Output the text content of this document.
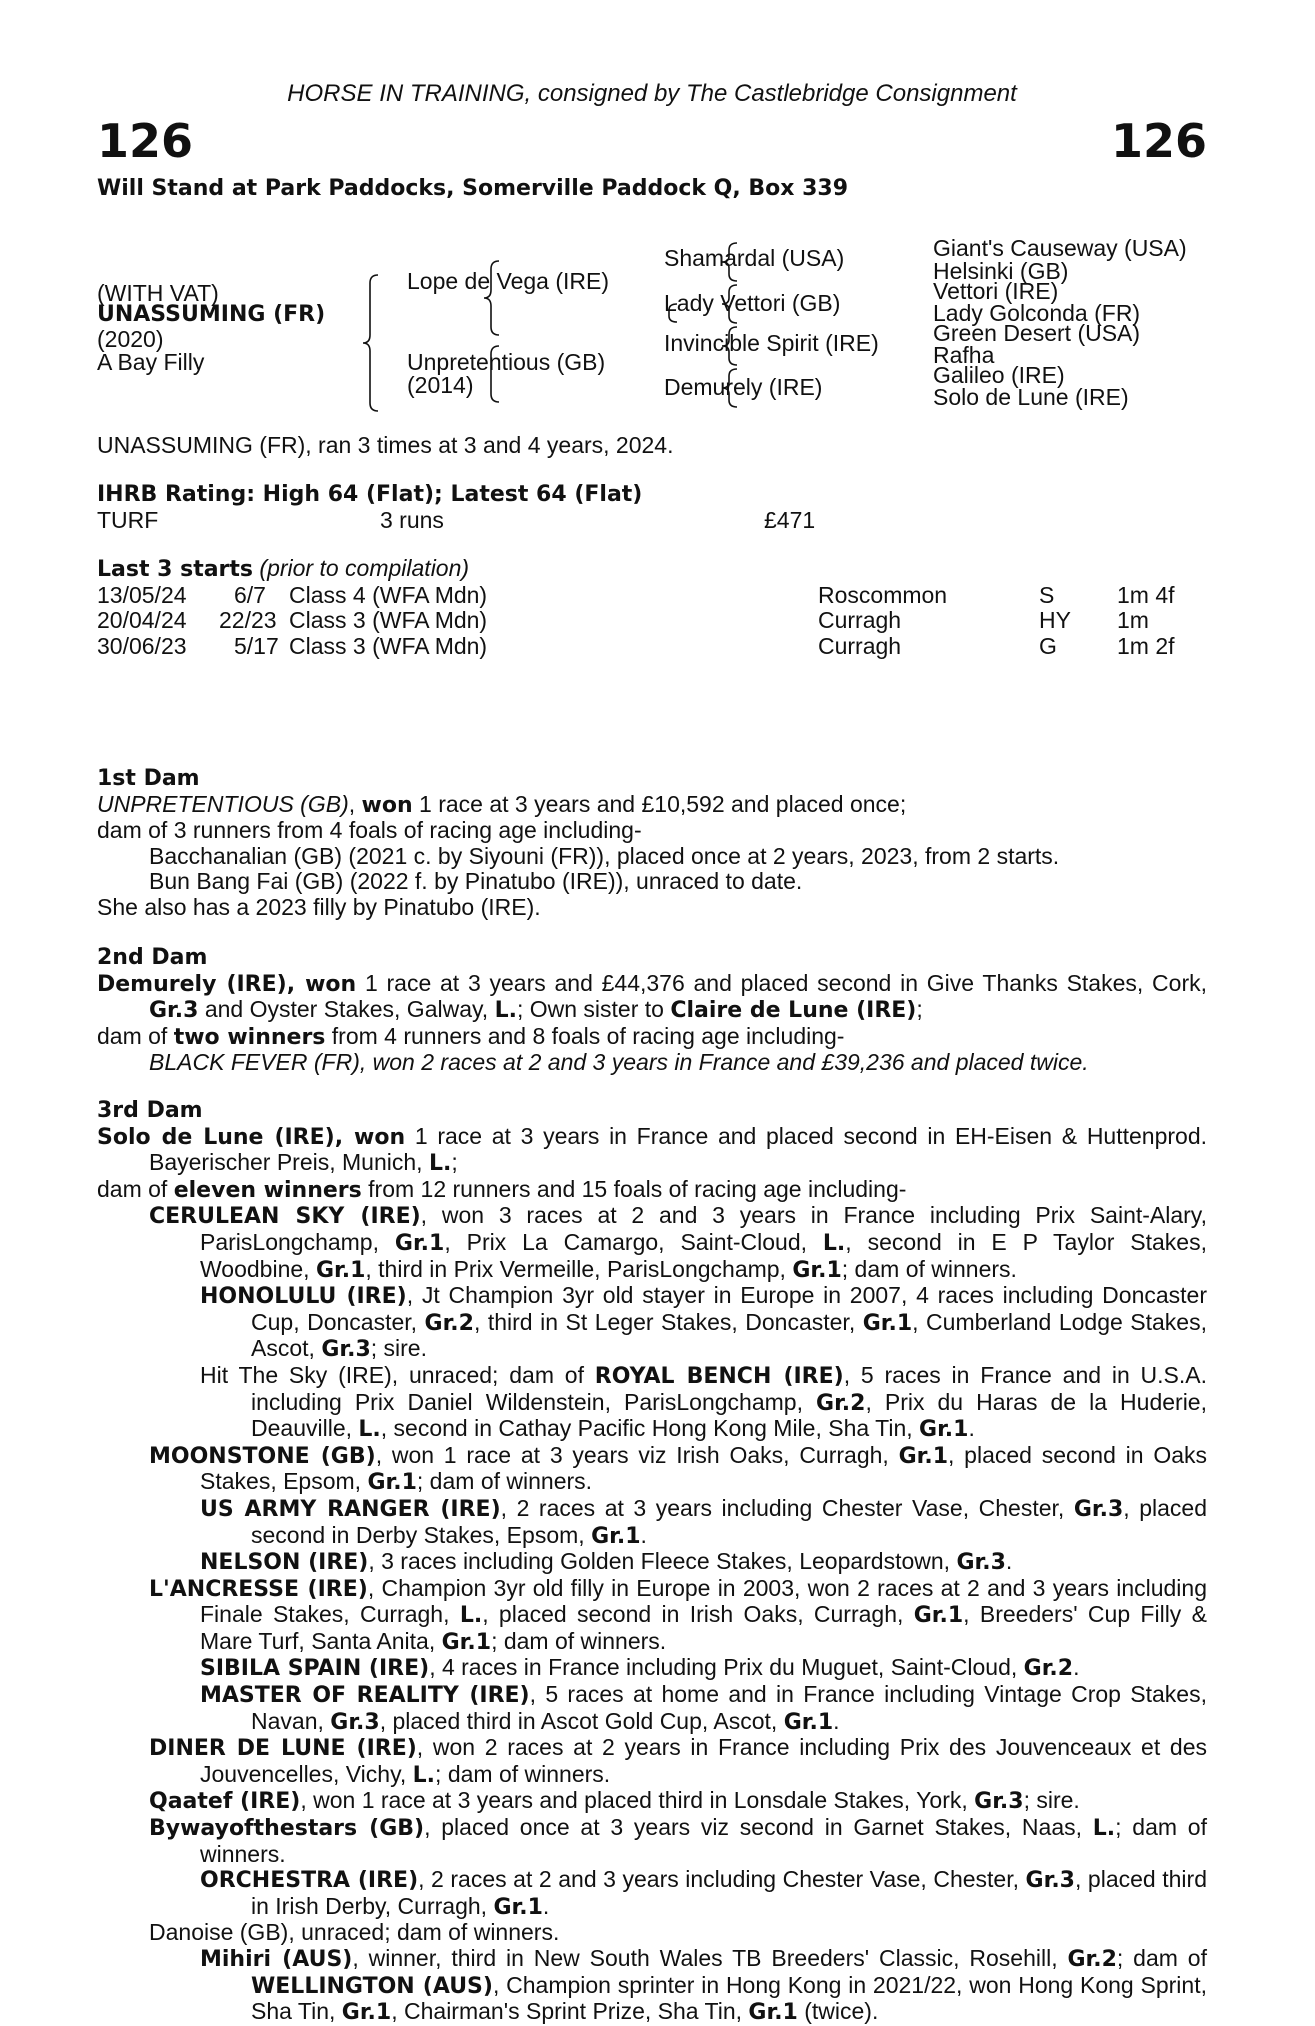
HORSE IN TRAINING, consigned by The Castlebridge Consignment
126	126
Will Stand at Park Paddocks, Somerville Paddock Q, Box 339
(WITH VAT)
UNASSUMING (FR)
(2020)
A Bay Filly
Lope de Vega (IRE)
Unpretentious (GB)
(2014)
Shamardal (USA)
Lady Vettori (GB)
Invincible Spirit (IRE)
Demurely (IRE)
Giant's Causeway (USA)
Helsinki (GB)
Vettori (IRE)
Lady Golconda (FR)
Green Desert (USA)
Rafha
Galileo (IRE)
Solo de Lune (IRE)
UNASSUMING (FR), ran 3 times at 3 and 4 years, 2024.
IHRB Rating: High 64 (Flat); Latest 64 (Flat)
TURF	3 runs	£471
Last 3 starts (prior to compilation)
13/05/24 6/7 Class 4 (WFA Mdn)	Roscommon	S	1m 4f
20/04/24 22/23 Class 3 (WFA Mdn)	Curragh	HY 1m
30/06/23 5/17 Class 3 (WFA Mdn)	Curragh	G	1m 2f
1st Dam
UNPRETENTIOUS (GB), won 1 race at 3 years and £10,592 and placed once;
dam of 3 runners from 4 foals of racing age including-
Bacchanalian (GB) (2021 c. by Siyouni (FR)), placed once at 2 years, 2023, from 2 starts.
Bun Bang Fai (GB) (2022 f. by Pinatubo (IRE)), unraced to date.
She also has a 2023 filly by Pinatubo (IRE).
2nd Dam
Demurely (IRE), won 1 race at 3 years and £44,376 and placed second in Give Thanks Stakes, Cork, Gr.3 and Oyster Stakes, Galway, L.; Own sister to Claire de Lune (IRE);
dam of two winners from 4 runners and 8 foals of racing age including-
BLACK FEVER (FR), won 2 races at 2 and 3 years in France and £39,236 and placed twice.
3rd Dam
Solo de Lune (IRE), won 1 race at 3 years in France and placed second in EH-Eisen & Huttenprod. Bayerischer Preis, Munich, L.;
dam of eleven winners from 12 runners and 15 foals of racing age including-
CERULEAN SKY (IRE), won 3 races at 2 and 3 years in France including Prix Saint-Alary, ParisLongchamp, Gr.1, Prix La Camargo, Saint-Cloud, L., second in E P Taylor Stakes, Woodbine, Gr.1, third in Prix Vermeille, ParisLongchamp, Gr.1; dam of winners.
HONOLULU (IRE), Jt Champion 3yr old stayer in Europe in 2007, 4 races including Doncaster Cup, Doncaster, Gr.2, third in St Leger Stakes, Doncaster, Gr.1, Cumberland Lodge Stakes, Ascot, Gr.3; sire.
Hit The Sky (IRE), unraced; dam of ROYAL BENCH (IRE), 5 races in France and in U.S.A. including Prix Daniel Wildenstein, ParisLongchamp, Gr.2, Prix du Haras de la Huderie, Deauville, L., second in Cathay Pacific Hong Kong Mile, Sha Tin, Gr.1.
MOONSTONE (GB), won 1 race at 3 years viz Irish Oaks, Curragh, Gr.1, placed second in Oaks Stakes, Epsom, Gr.1; dam of winners.
US ARMY RANGER (IRE), 2 races at 3 years including Chester Vase, Chester, Gr.3, placed second in Derby Stakes, Epsom, Gr.1.
NELSON (IRE), 3 races including Golden Fleece Stakes, Leopardstown, Gr.3.
L'ANCRESSE (IRE), Champion 3yr old filly in Europe in 2003, won 2 races at 2 and 3 years including Finale Stakes, Curragh, L., placed second in Irish Oaks, Curragh, Gr.1, Breeders' Cup Filly & Mare Turf, Santa Anita, Gr.1; dam of winners.
SIBILA SPAIN (IRE), 4 races in France including Prix du Muguet, Saint-Cloud, Gr.2.
MASTER OF REALITY (IRE), 5 races at home and in France including Vintage Crop Stakes, Navan, Gr.3, placed third in Ascot Gold Cup, Ascot, Gr.1.
DINER DE LUNE (IRE), won 2 races at 2 years in France including Prix des Jouvenceaux et des Jouvencelles, Vichy, L.; dam of winners.
Qaatef (IRE), won 1 race at 3 years and placed third in Lonsdale Stakes, York, Gr.3; sire.
Bywayofthestars (GB), placed once at 3 years viz second in Garnet Stakes, Naas, L.; dam of winners.
ORCHESTRA (IRE), 2 races at 2 and 3 years including Chester Vase, Chester, Gr.3, placed third in Irish Derby, Curragh, Gr.1.
Danoise (GB), unraced; dam of winners.
Mihiri (AUS), winner, third in New South Wales TB Breeders' Classic, Rosehill, Gr.2; dam of WELLINGTON (AUS), Champion sprinter in Hong Kong in 2021/22, won Hong Kong Sprint, Sha Tin, Gr.1, Chairman's Sprint Prize, Sha Tin, Gr.1 (twice).
